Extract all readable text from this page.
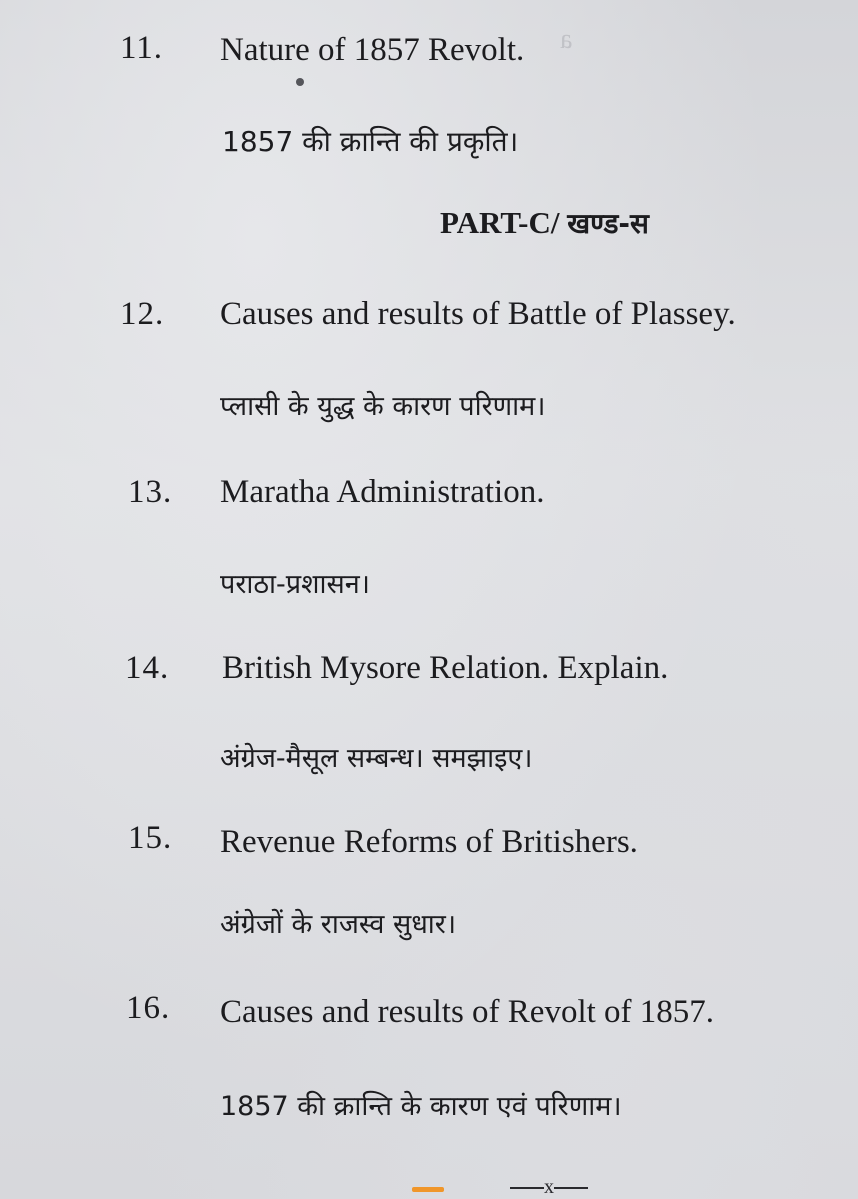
a
11. Nature of 1857 Revolt.
1857 की क्रान्ति की प्रकृति।
PART-C/ खण्ड-स
12. Causes and results of Battle of Plassey.
प्लासी के युद्ध के कारण परिणाम।
13. Maratha Administration.
पराठा-प्रशासन।
14. British Mysore Relation. Explain.
अंग्रेज-मैसूल सम्बन्ध। समझाइए।
15. Revenue Reforms of Britishers.
अंग्रेजों के राजस्व सुधार।
16. Causes and results of Revolt of 1857.
1857 की क्रान्ति के कारण एवं परिणाम।
x
